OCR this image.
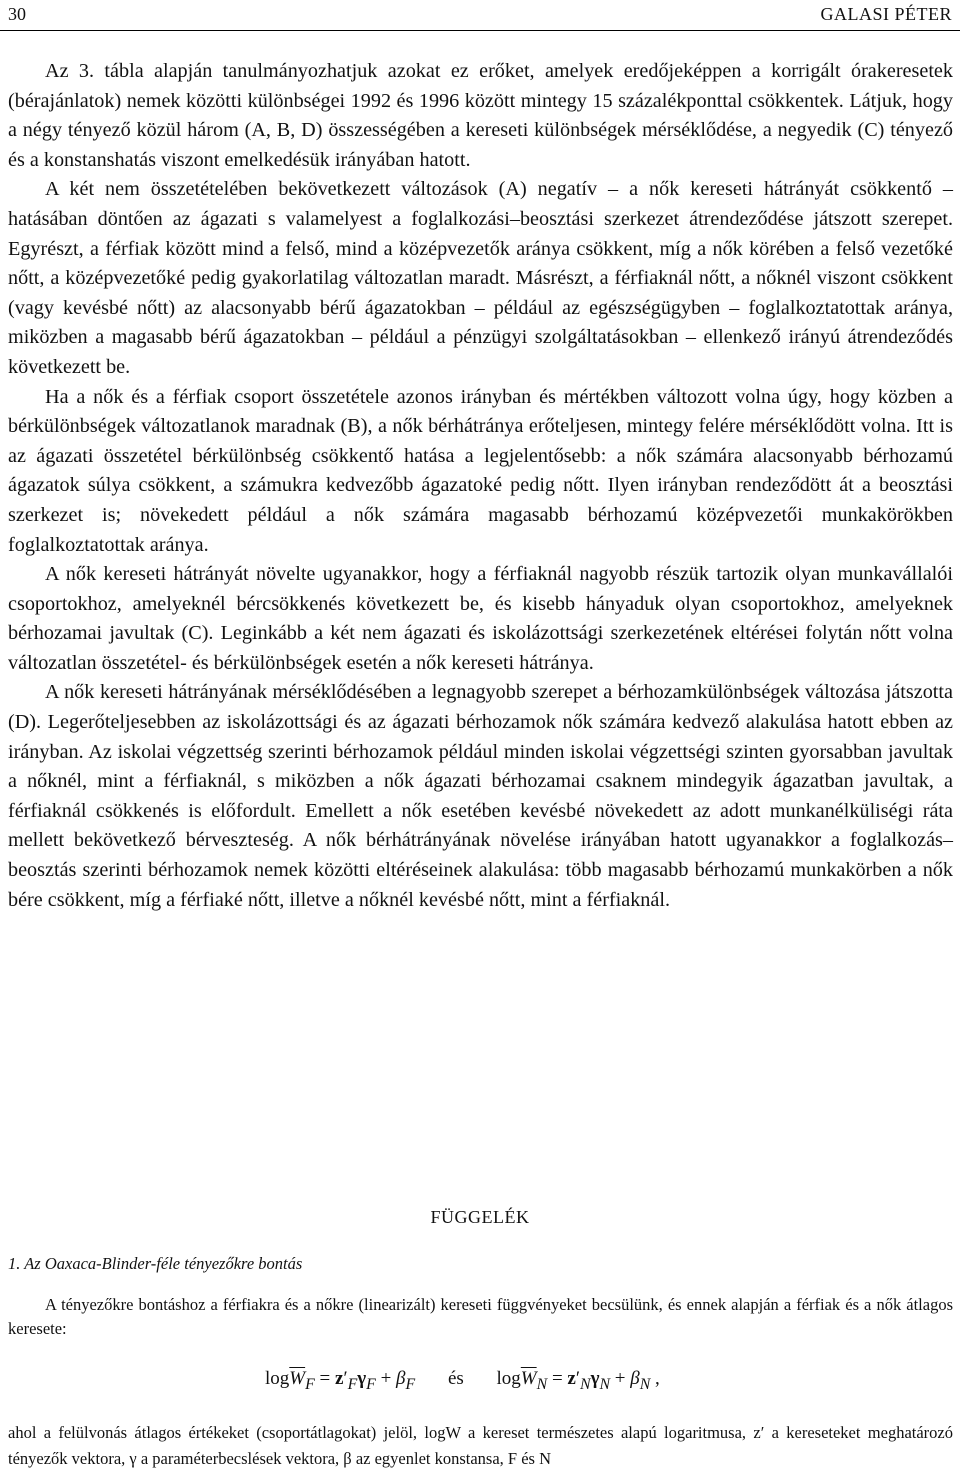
30	GALASI PÉTER

Az 3. tábla alapján tanulmányozhatjuk azokat ez erőket, amelyek eredőjeképpen a korrigált órakeresetek (bérajánlatok) nemek közötti különbségei 1992 és 1996 között mintegy 15 százalékponttal csökkentek. Látjuk, hogy a négy tényező közül három (A, B, D) összességében a kereseti különbségek mérséklődése, a negyedik (C) tényező és a konstanshatás viszont emelkedésük irányában hatott.

A két nem összetételében bekövetkezett változások (A) negatív – a nők kereseti hátrányát csökkentő – hatásában döntően az ágazati s valamelyest a foglalkozási–beosztási szerkezet átrendeződése játszott szerepet. Egyrészt, a férfiak között mind a felső, mind a középvezetők aránya csökkent, míg a nők körében a felső vezetőké nőtt, a középvezetőké pedig gyakorlatilag változatlan maradt. Másrészt, a férfiaknál nőtt, a nőknél viszont csökkent (vagy kevésbé nőtt) az alacsonyabb bérű ágazatokban – például az egészségügyben – foglalkoztatottak aránya, miközben a magasabb bérű ágazatokban – például a pénzügyi szolgáltatásokban – ellenkező irányú átrendeződés következett be.

Ha a nők és a férfiak csoport összetétele azonos irányban és mértékben változott volna úgy, hogy közben a bérkülönbségek változatlanok maradnak (B), a nők bérhátránya erőteljesen, mintegy felére mérséklődött volna. Itt is az ágazati összetétel bérkülönbség csökkentő hatása a legjelentősebb: a nők számára alacsonyabb bérhozamú ágazatok súlya csökkent, a számukra kedvezőbb ágazatoké pedig nőtt. Ilyen irányban rendeződött át a beosztási szerkezet is; növekedett például a nők számára magasabb bérhozamú középvezetői munkakörökben foglalkoztatottak aránya.

A nők kereseti hátrányát növelte ugyanakkor, hogy a férfiaknál nagyobb részük tartozik olyan munkavállalói csoportokhoz, amelyeknél bércsökkenés következett be, és kisebb hányaduk olyan csoportokhoz, amelyeknek bérhozamai javultak (C). Leginkább a két nem ágazati és iskolázottsági szerkezetének eltérései folytán nőtt volna változatlan összetétel- és bérkülönbségek esetén a nők kereseti hátránya.

A nők kereseti hátrányának mérséklődésében a legnagyobb szerepet a bérhozamkülönbségek változása játszotta (D). Legerőteljesebben az iskolázottsági és az ágazati bérhozamok nők számára kedvező alakulása hatott ebben az irányban. Az iskolai végzettség szerinti bérhozamok például minden iskolai végzettségi szinten gyorsabban javultak a nőknél, mint a férfiaknál, s miközben a nők ágazati bérhozamai csaknem mindegyik ágazatban javultak, a férfiaknál csökkenés is előfordult. Emellett a nők esetében kevésbé növekedett az adott munkanélküliségi ráta mellett bekövetkező bérveszteség. A nők bérhátrányának növelése irányában hatott ugyanakkor a foglalkozás–beosztás szerinti bérhozamok nemek közötti eltéréseinek alakulása: több magasabb bérhozamú munkakörben a nők bére csökkent, míg a férfiaké nőtt, illetve a nőknél kevésbé nőtt, mint a férfiaknál.

FÜGGELÉK
1. Az Oaxaca-Blinder-féle tényezőkre bontás

A tényezőkre bontáshoz a férfiakra és a nőkre (linearizált) kereseti függvényeket becsülünk, és ennek alapján a férfiak és a nők átlagos keresete:

$\log\overline{W}_F = z'_F\gamma_F + \beta_F$ és $\log\overline{W}_N = z'_N\gamma_N + \beta_N$ ,

ahol a felülvonás átlagos értékeket (csoportátlagokat) jelöl, logW a kereset természetes alapú logaritmusa, z′ a kereseteket meghatározó tényezők vektora, γ a paraméterbecslések vektora, β az egyenlet konstansa, F és N
